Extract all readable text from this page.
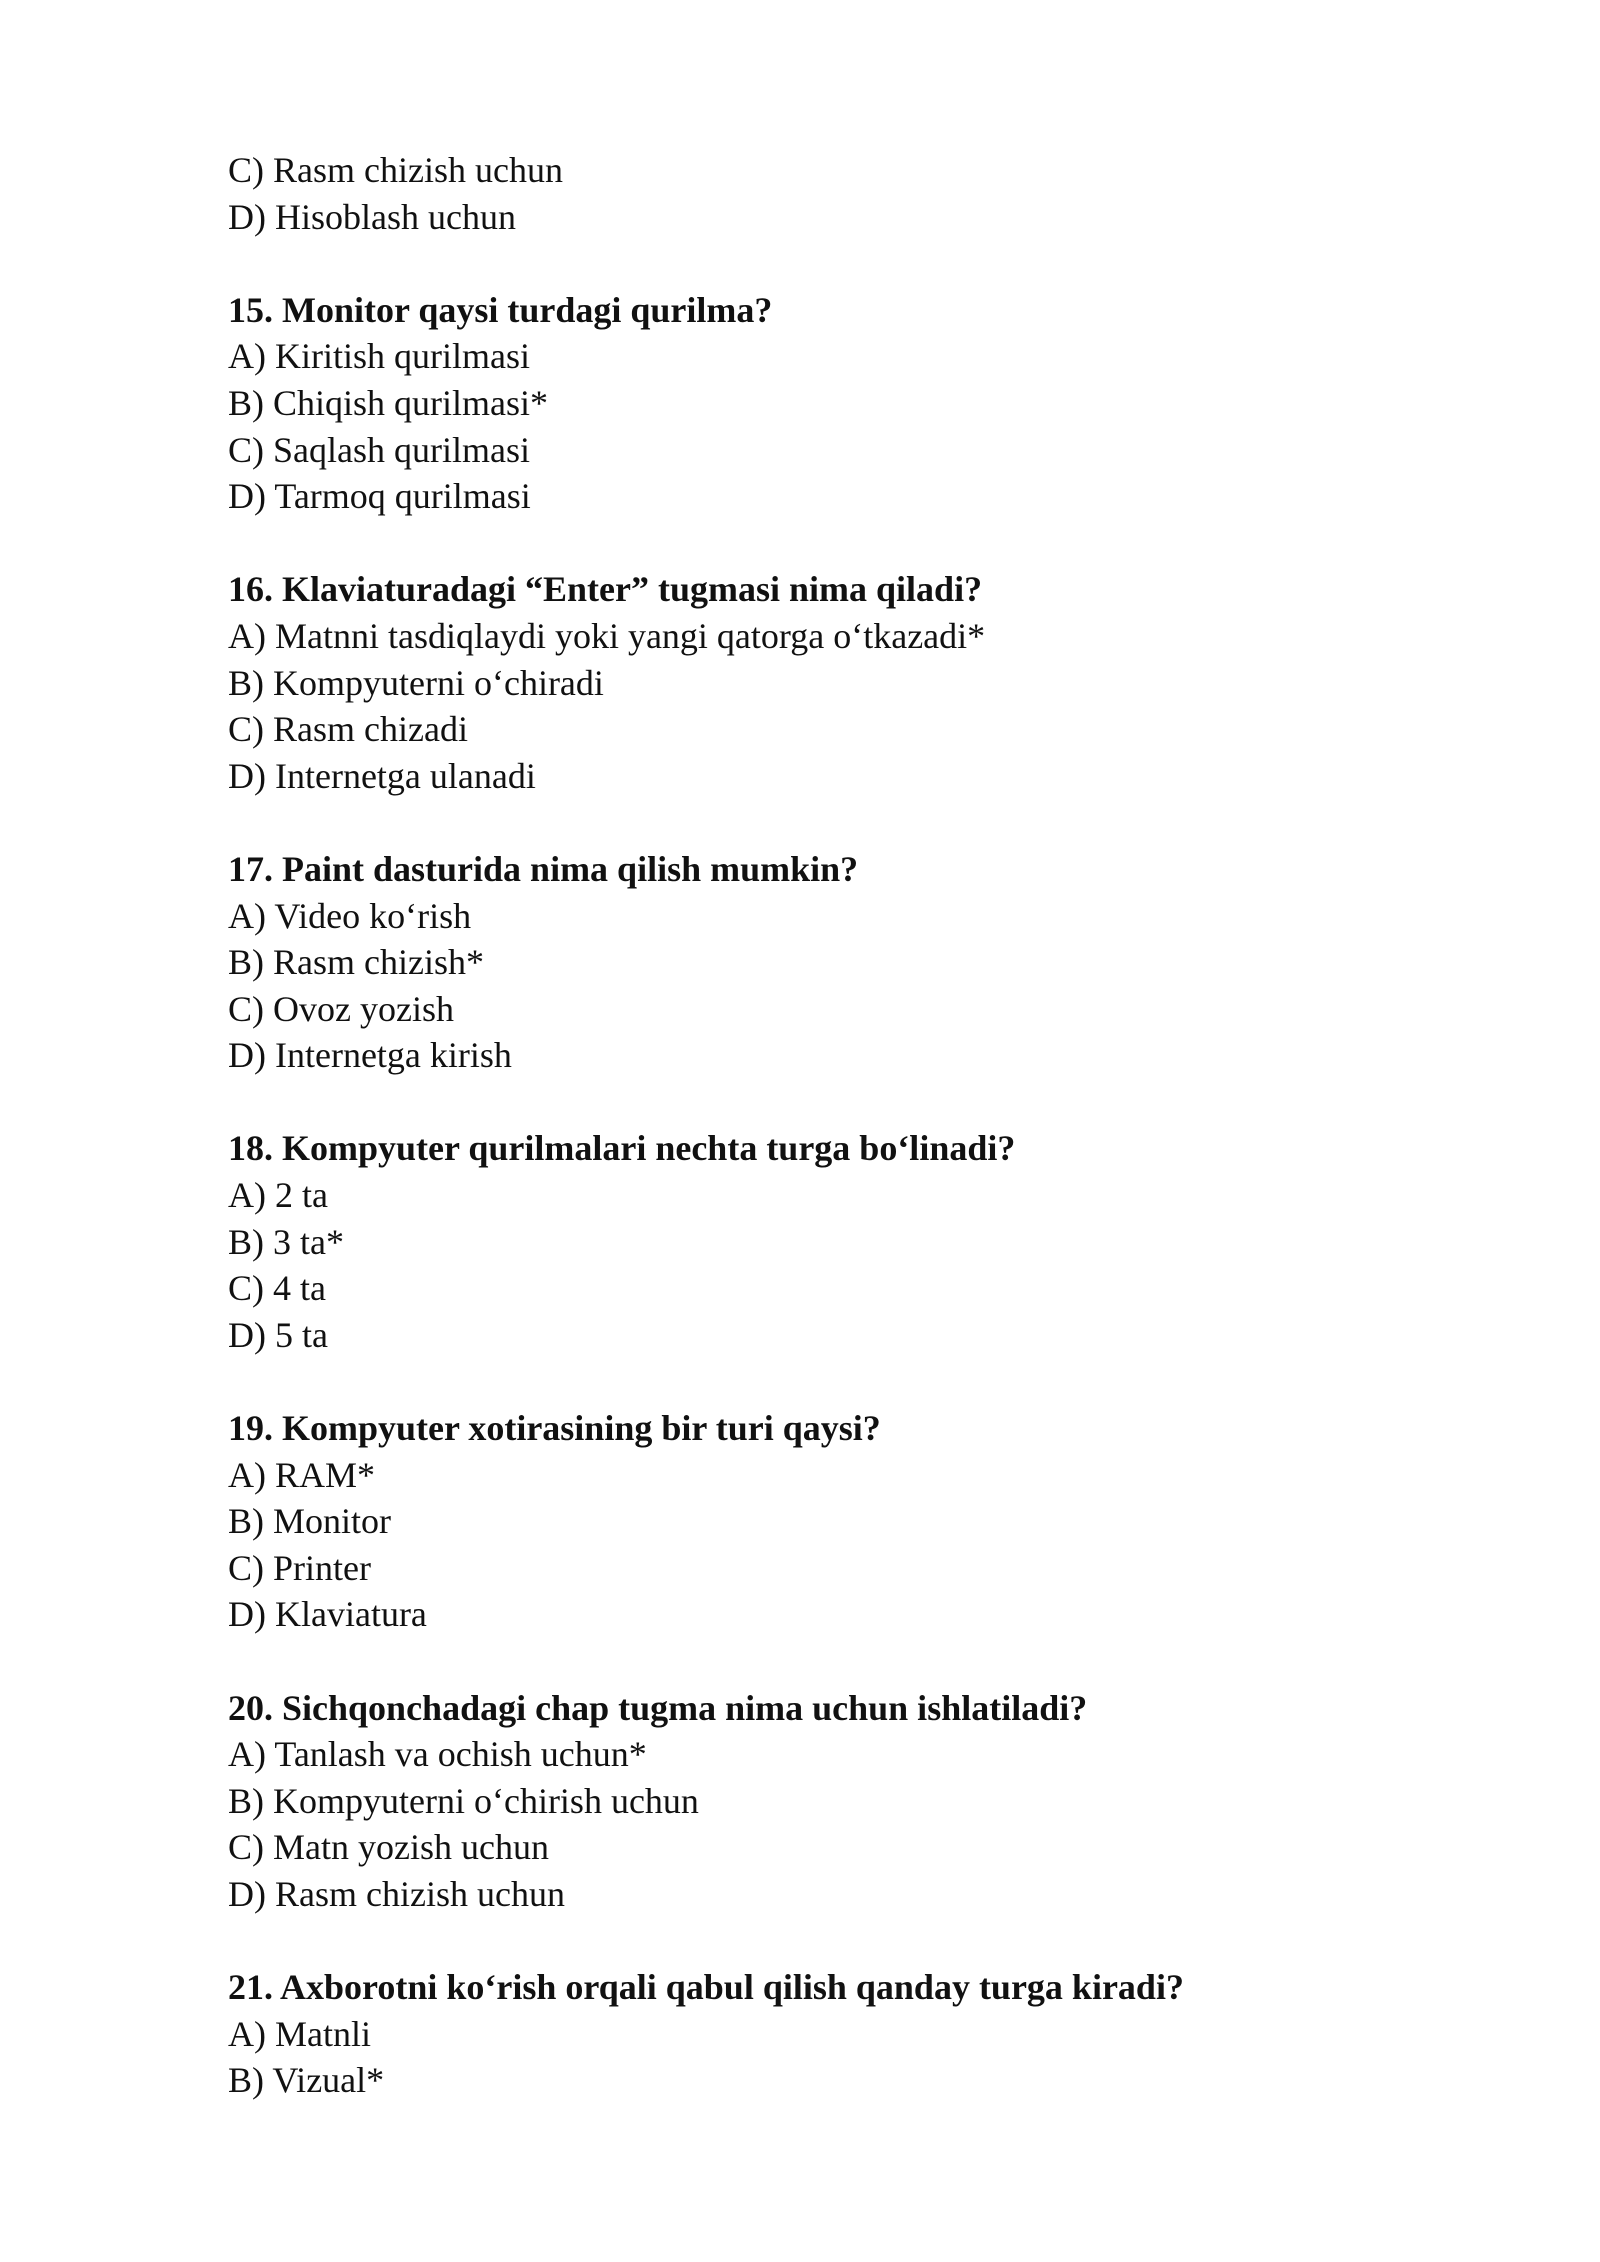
C) Rasm chizish uchun
D) Hisoblash uchun
15. Monitor qaysi turdagi qurilma?
A) Kiritish qurilmasi
B) Chiqish qurilmasi*
C) Saqlash qurilmasi
D) Tarmoq qurilmasi
16. Klaviaturadagi “Enter” tugmasi nima qiladi?
A) Matnni tasdiqlaydi yoki yangi qatorga o‘tkazadi*
B) Kompyuterni o‘chiradi
C) Rasm chizadi
D) Internetga ulanadi
17. Paint dasturida nima qilish mumkin?
A) Video ko‘rish
B) Rasm chizish*
C) Ovoz yozish
D) Internetga kirish
18. Kompyuter qurilmalari nechta turga bo‘linadi?
A) 2 ta
B) 3 ta*
C) 4 ta
D) 5 ta
19. Kompyuter xotirasining bir turi qaysi?
A) RAM*
B) Monitor
C) Printer
D) Klaviatura
20. Sichqonchadagi chap tugma nima uchun ishlatiladi?
A) Tanlash va ochish uchun*
B) Kompyuterni o‘chirish uchun
C) Matn yozish uchun
D) Rasm chizish uchun
21. Axborotni ko‘rish orqali qabul qilish qanday turga kiradi?
A) Matnli
B) Vizual*
